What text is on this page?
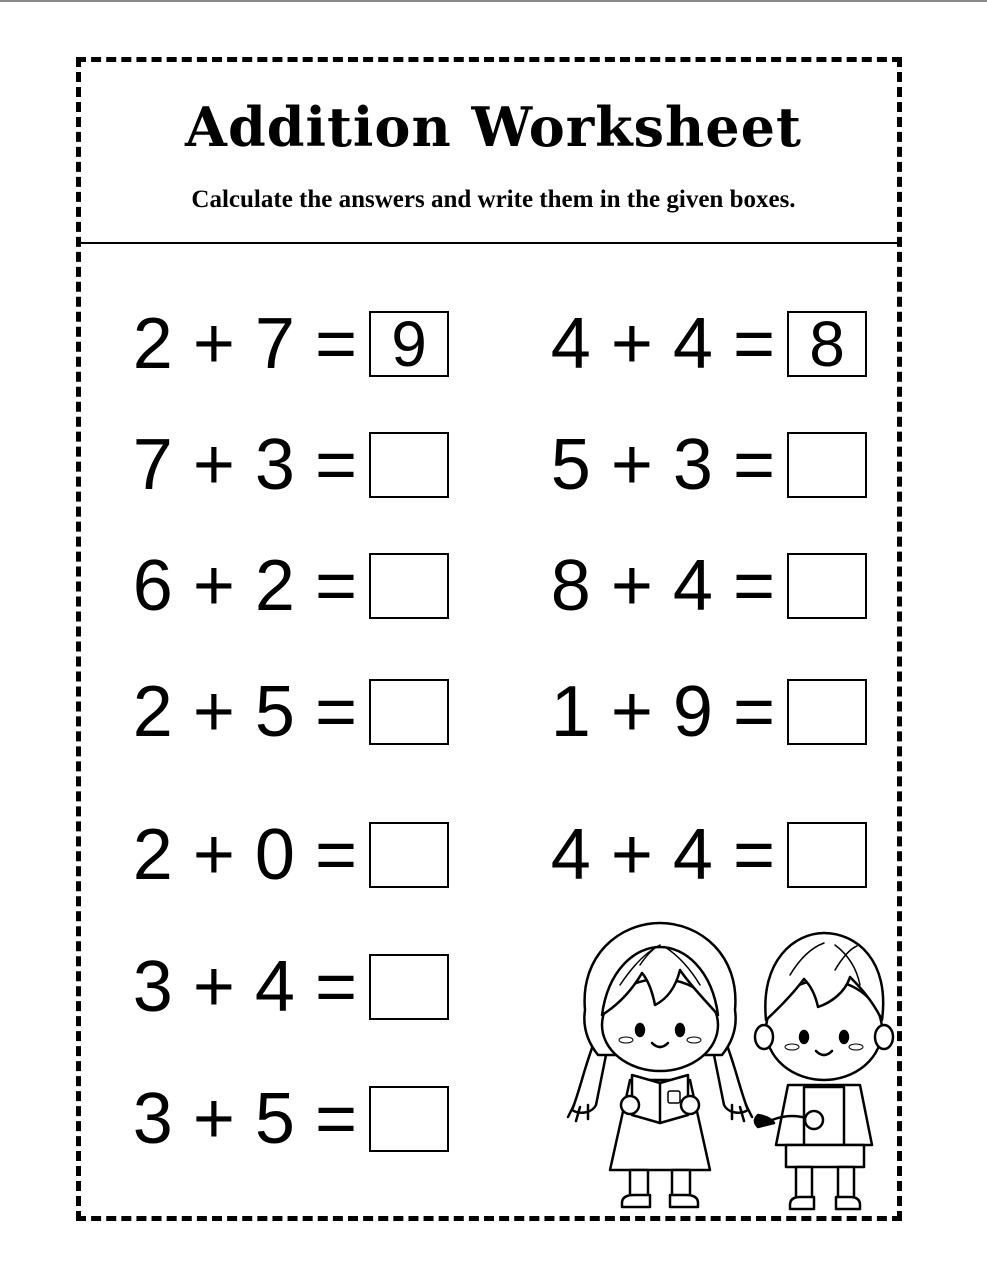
Addition Worksheet
Calculate the answers and write them in the given boxes.
2 + 7 = 9	4 + 4 = 8
7 + 3 =	5 + 3 =
6 + 2 =	8 + 4 =
2 + 5 =	1 + 9 =
2 + 0 =	4 + 4 =
3 + 4 =
3 + 5 =
